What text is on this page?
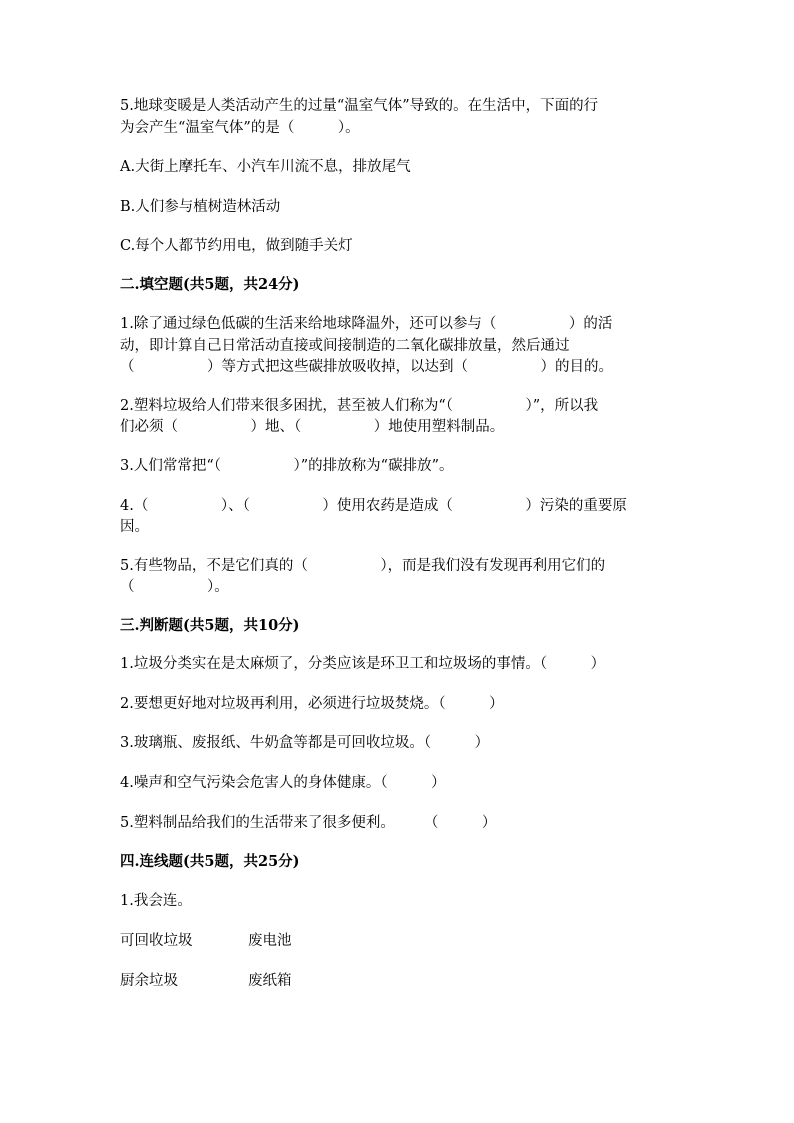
5.地球变暖是人类活动产生的过量“温室气体”导致的。在生活中，下面的行
为会产生“温室气体”的是（　　　）。
A.大街上摩托车、小汽车川流不息，排放尾气
B.人们参与植树造林活动
C.每个人都节约用电，做到随手关灯
二.填空题(共5题，共24分)
1.除了通过绿色低碳的生活来给地球降温外，还可以参与（　　　　　）的活
动，即计算自己日常活动直接或间接制造的二氧化碳排放量，然后通过
（　　　　　）等方式把这些碳排放吸收掉，以达到（　　　　　）的目的。
2.塑料垃圾给人们带来很多困扰，甚至被人们称为“（　　　　　）”，所以我
们必须（　　　　　）地、（　　　　　）地使用塑料制品。
3.人们常常把“（　　　　　）”的排放称为“碳排放”。
4.（　　　　　）、（　　　　　）使用农药是造成（　　　　　）污染的重要原
因。
5.有些物品，不是它们真的（　　　　　），而是我们没有发现再利用它们的
（　　　　　）。
三.判断题(共5题，共10分)
1.垃圾分类实在是太麻烦了，分类应该是环卫工和垃圾场的事情。（　　　）
2.要想更好地对垃圾再利用，必须进行垃圾焚烧。（　　　）
3.玻璃瓶、废报纸、牛奶盒等都是可回收垃圾。（　　　）
4.噪声和空气污染会危害人的身体健康。（　　　）
5.塑料制品给我们的生活带来了很多便利。　　　（　　　）
四.连线题(共5题，共25分)
1.我会连。
可回收垃圾	废电池
厨余垃圾	废纸箱
